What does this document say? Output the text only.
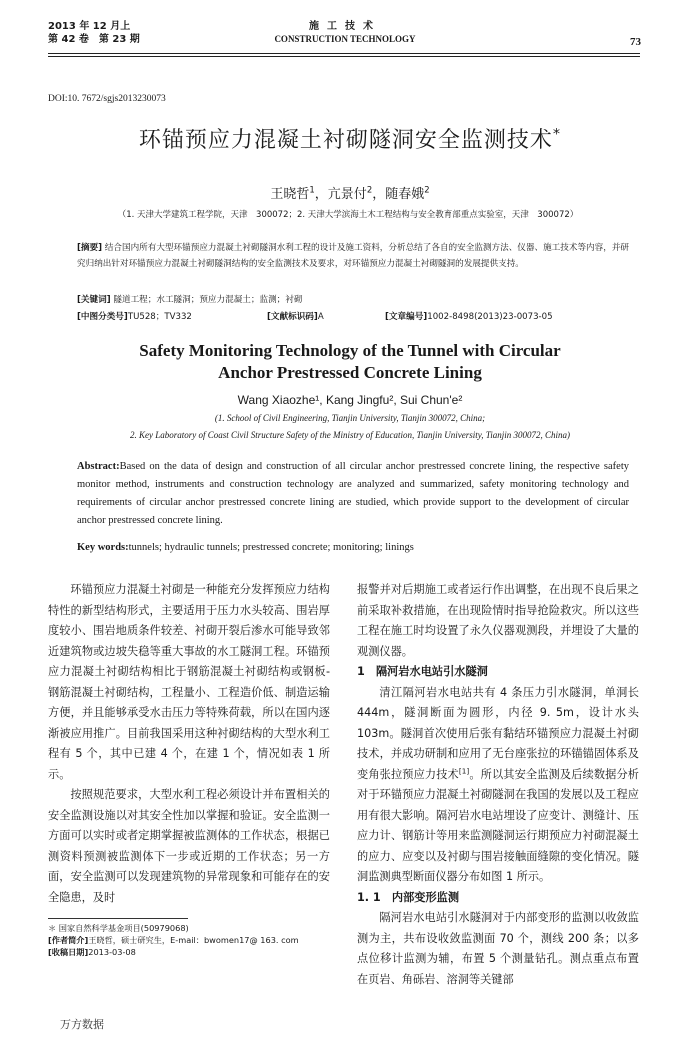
2013 年 12 月上
第 42 卷　第 23 期
施工技术
CONSTRUCTION TECHNOLOGY	73
DOI:10. 7672/sgjs2013230073
环锚预应力混凝土衬砌隧洞安全监测技术*
王晓哲$^1$，亢景付$^2$，随春娥$^2$
（1. 天津大学建筑工程学院，天津　300072；2. 天津大学滨海土木工程结构与安全教育部重点实验室，天津　300072）
[摘要] 结合国内所有大型环锚预应力混凝土衬砌隧洞水利工程的设计及施工资料，分析总结了各自的安全监测方法、仪器、施工技术等内容，并研究归纳出针对环锚预应力混凝土衬砌隧洞结构的安全监测技术及要求，对环锚预应力混凝土衬砌隧洞的发展提供支持。
[关键词] 隧道工程；水工隧洞；预应力混凝土；监测；衬砌
[中图分类号]TU528；TV332	[文献标识码]A	[文章编号]1002-8498(2013)23-0073-05
Safety Monitoring Technology of the Tunnel with Circular
Anchor Prestressed Concrete Lining
Wang Xiaozhe¹, Kang Jingfu², Sui Chun'e²
(1. School of Civil Engineering, Tianjin University, Tianjin 300072, China;
2. Key Laboratory of Coast Civil Structure Safety of the Ministry of Education, Tianjin University, Tianjin 300072, China)
Abstract:Based on the data of design and construction of all circular anchor prestressed concrete lining, the respective safety monitor method, instruments and construction technology are analyzed and summarized, safety monitoring technology and requirements of circular anchor prestressed concrete lining are studied, which provide support to the development of circular anchor prestressed concrete lining.
Key words:tunnels; hydraulic tunnels; prestressed concrete; monitoring; linings

环锚预应力混凝土衬砌是一种能充分发挥预应力结构特性的新型结构形式，主要适用于压力水头较高、围岩厚度较小、围岩地质条件较差、衬砌开裂后渗水可能导致邻近建筑物或边坡失稳等重大事故的水工隧洞工程。环锚预应力混凝土衬砌结构相比于钢筋混凝土衬砌结构或钢板-钢筋混凝土衬砌结构，工程量小、工程造价低、制造运输方便，并且能够承受水击压力等特殊荷载，所以在国内逐渐被应用推广。目前我国采用这种衬砌结构的大型水利工程有 5 个，其中已建 4 个，在建 1 个，情况如表 1 所示。

按照规范要求，大型水利工程必须设计并布置相关的安全监测设施以对其安全性加以掌握和验证。安全监测一方面可以实时或者定期掌握被监测体的工作状态，根据已测资料预测被监测体下一步或近期的工作状态；另一方面，安全监测可以发现建筑物的异常现象和可能存在的安全隐患，及时

报警并对后期施工或者运行作出调整，在出现不良后果之前采取补救措施，在出现险情时指导抢险救灾。所以这些工程在施工时均设置了永久仪器观测段，并埋设了大量的观测仪器。

1　隔河岩水电站引水隧洞

清江隔河岩水电站共有 4 条压力引水隧洞，单洞长 444m，隧洞断面为圆形，内径 9. 5m，设计水头 103m。隧洞首次使用后张有黏结环锚预应力混凝土衬砌技术，并成功研制和应用了无台座张拉的环锚锚固体系及变角张拉预应力技术[1]。所以其安全监测及后续数据分析对于环锚预应力混凝土衬砌隧洞在我国的发展以及工程应用有很大影响。隔河岩水电站埋设了应变计、测缝计、压应力计、钢筋计等用来监测隧洞运行期预应力衬砌混凝土的应力、应变以及衬砌与围岩接触面缝隙的变化情况。隧洞监测典型断面仪器分布如图 1 所示。

1. 1　内部变形监测

隔河岩水电站引水隧洞对于内部变形的监测以收敛监测为主，共布设收敛监测面 70 个，测线 200 条；以多点位移计监测为辅，布置 5 个测量钻孔。测点重点布置在页岩、角砾岩、溶洞等关键部

＊ 国家自然科学基金项目(50979068)
[作者简介]王晓哲，硕士研究生，E-mail：bwomen17@ 163. com
[收稿日期]2013-03-08
万方数据
